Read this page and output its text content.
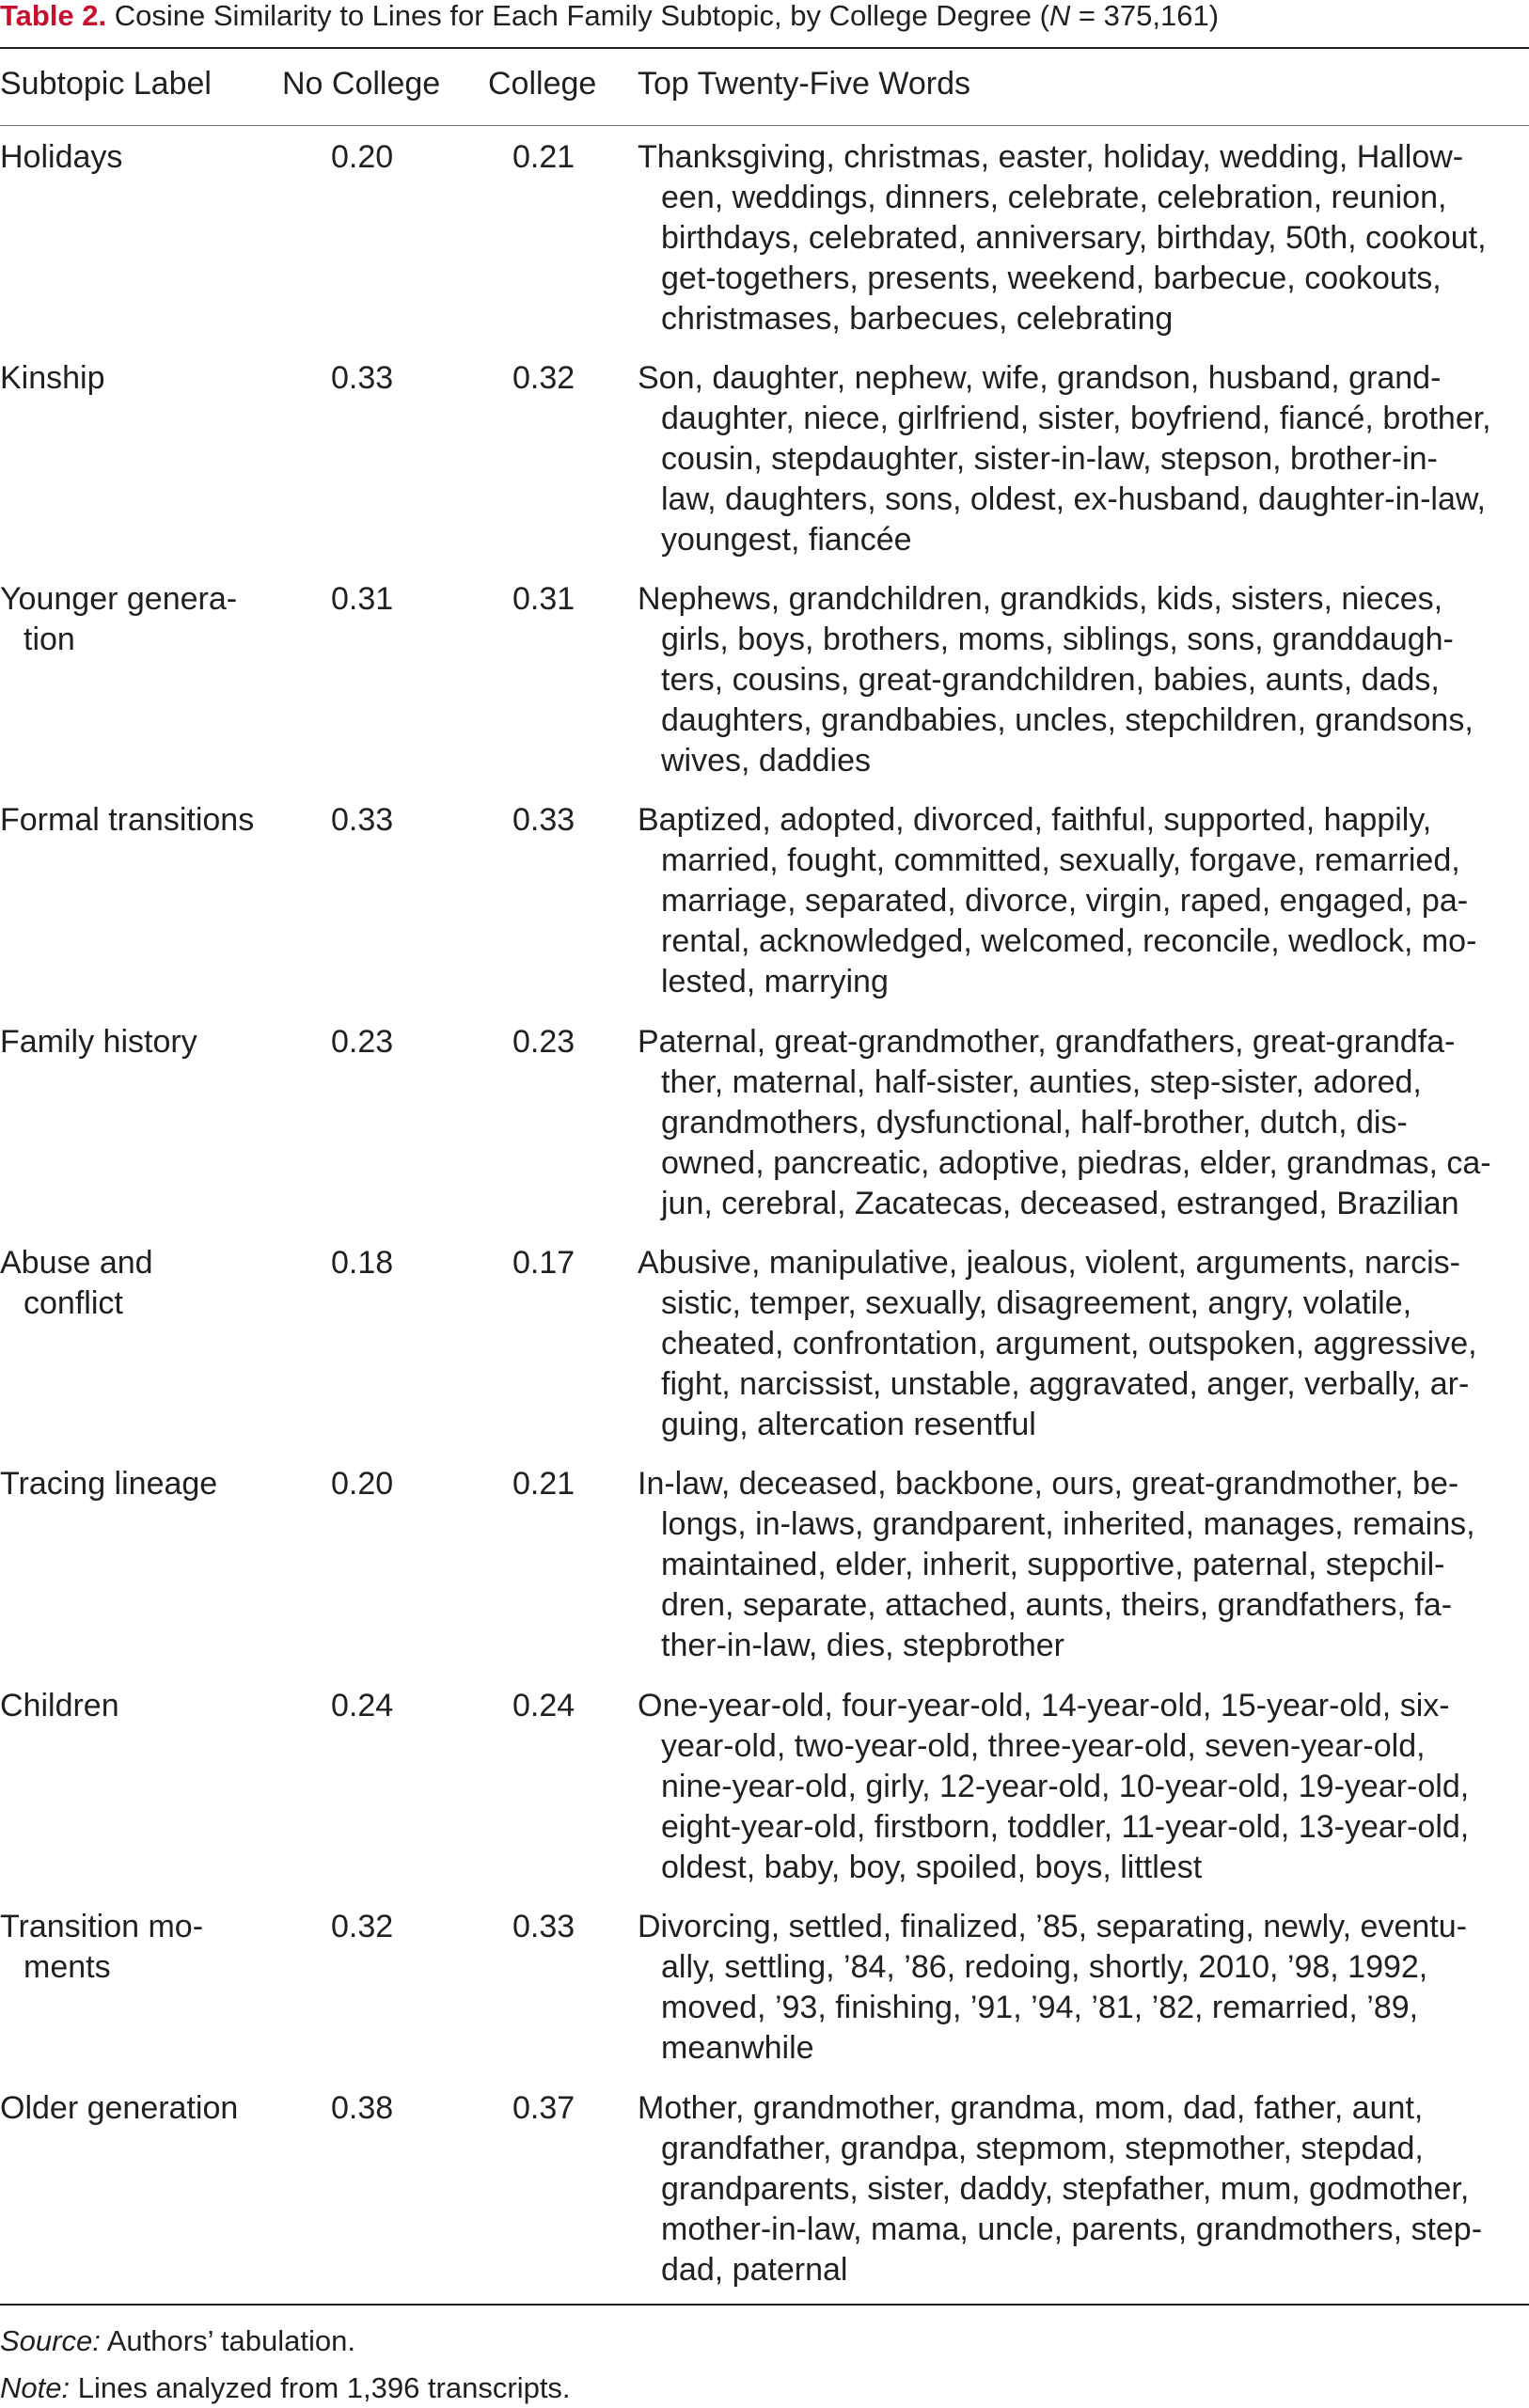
Table 2. Cosine Similarity to Lines for Each Family Subtopic, by College Degree (N = 375,161)
Subtopic Label No College College Top Twenty-Five Words
Holidays	0.20	0.21	Thanksgiving, christmas, easter, holiday, wedding, Hallow-
een, weddings, dinners, celebrate, celebration, reunion,
birthdays, celebrated, anniversary, birthday, 50th, cookout,
get-togethers, presents, weekend, barbecue, cookouts,
christmases, barbecues, celebrating
Kinship	0.33	0.32	Son, daughter, nephew, wife, grandson, husband, grand-
daughter, niece, girlfriend, sister, boyfriend, fiancé, brother,
cousin, stepdaughter, sister-in-law, stepson, brother-in-
law, daughters, sons, oldest, ex-husband, daughter-in-law,
youngest, fiancée
Younger genera-
tion
0.31	0.31	Nephews, grandchildren, grandkids, kids, sisters, nieces,
girls, boys, brothers, moms, siblings, sons, granddaugh-
ters, cousins, great-grandchildren, babies, aunts, dads,
daughters, grandbabies, uncles, stepchildren, grandsons,
wives, daddies
Formal transitions	0.33	0.33	Baptized, adopted, divorced, faithful, supported, happily,
married, fought, committed, sexually, forgave, remarried,
marriage, separated, divorce, virgin, raped, engaged, pa-
rental, acknowledged, welcomed, reconcile, wedlock, mo-
lested, marrying
Family history	0.23	0.23	Paternal, great-grandmother, grandfathers, great-grandfa-
ther, maternal, half-sister, aunties, step-sister, adored,
grandmothers, dysfunctional, half-brother, dutch, dis-
owned, pancreatic, adoptive, piedras, elder, grandmas, ca-
jun, cerebral, Zacatecas, deceased, estranged, Brazilian
Abuse and
conflict
0.18	0.17	Abusive, manipulative, jealous, violent, arguments, narcis-
sistic, temper, sexually, disagreement, angry, volatile,
cheated, confrontation, argument, outspoken, aggressive,
fight, narcissist, unstable, aggravated, anger, verbally, ar-
guing, altercation resentful
Tracing lineage	0.20	0.21	In-law, deceased, backbone, ours, great-grandmother, be-
longs, in-laws, grandparent, inherited, manages, remains,
maintained, elder, inherit, supportive, paternal, stepchil-
dren, separate, attached, aunts, theirs, grandfathers, fa-
ther-in-law, dies, stepbrother
Children	0.24	0.24	One-year-old, four-year-old, 14-year-old, 15-year-old, six-
year-old, two-year-old, three-year-old, seven-year-old,
nine-year-old, girly, 12-year-old, 10-year-old, 19-year-old,
eight-year-old, firstborn, toddler, 11-year-old, 13-year-old,
oldest, baby, boy, spoiled, boys, littlest
Transition mo-
ments
0.32	0.33	Divorcing, settled, finalized, ’85, separating, newly, eventu-
ally, settling, ’84, ’86, redoing, shortly, 2010, ’98, 1992,
moved, ’93, finishing, ’91, ’94, ’81, ’82, remarried, ’89,
meanwhile
Older generation	0.38	0.37	Mother, grandmother, grandma, mom, dad, father, aunt,
grandfather, grandpa, stepmom, stepmother, stepdad,
grandparents, sister, daddy, stepfather, mum, godmother,
mother-in-law, mama, uncle, parents, grandmothers, step-
dad, paternal
Source: Authors’ tabulation.
Note: Lines analyzed from 1,396 transcripts.
